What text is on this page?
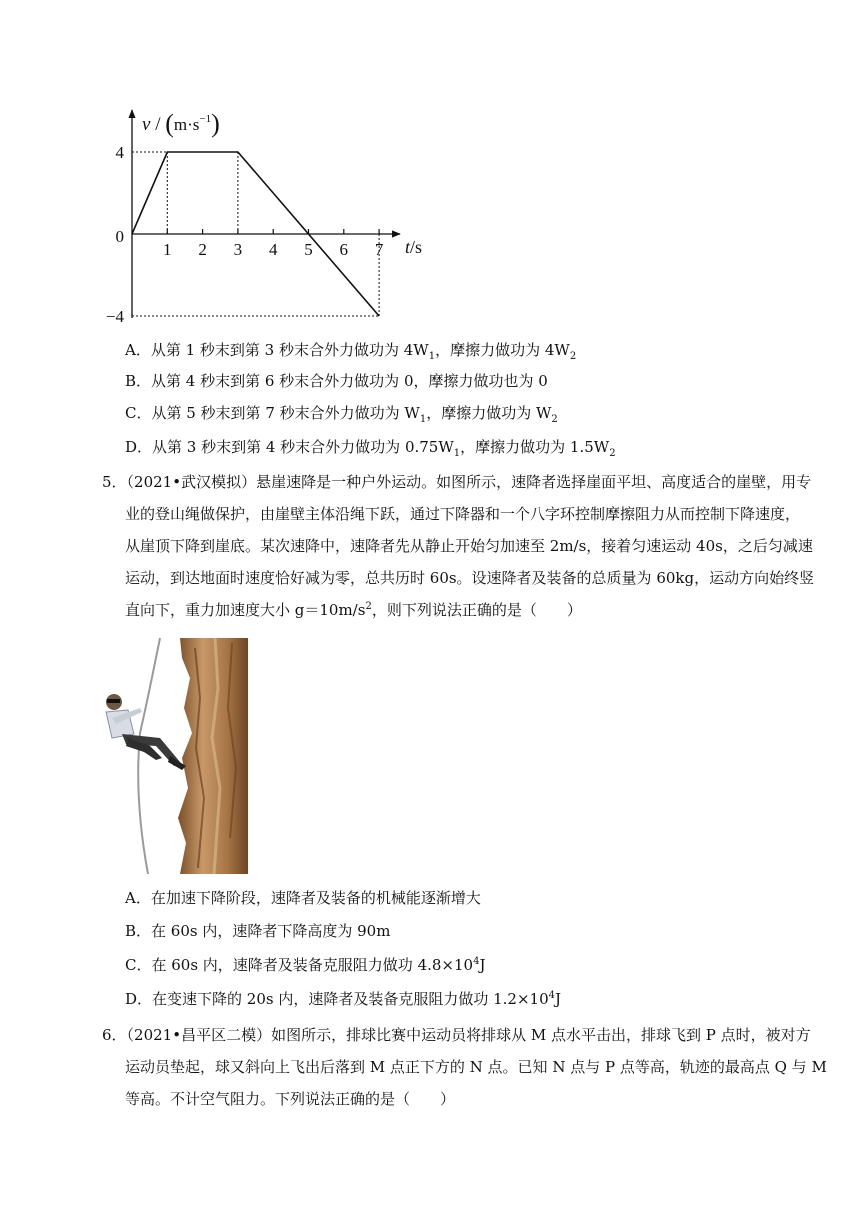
$v / (m\cdot s^{-1})$
t/s
1 2 3 4 5 6 7
4
0
−4
A．从第 1 秒末到第 3 秒末合外力做功为 $4W_1$，摩擦力做功为 $4W_2$
B．从第 4 秒末到第 6 秒末合外力做功为 0，摩擦力做功也为 0
C．从第 5 秒末到第 7 秒末合外力做功为 $W_1$，摩擦力做功为 $W_2$
D．从第 3 秒末到第 4 秒末合外力做功为 $0.75W_1$，摩擦力做功为 $1.5W_2$
5．（2021•武汉模拟）悬崖速降是一种户外运动。如图所示，速降者选择崖面平坦、高度适合的崖壁，用专
业的登山绳做保护，由崖壁主体沿绳下跃，通过下降器和一个八字环控制摩擦阻力从而控制下降速度，
从崖顶下降到崖底。某次速降中，速降者先从静止开始匀加速至 2m/s，接着匀速运动 40s，之后匀减速
运动，到达地面时速度恰好减为零，总共历时 60s。设速降者及装备的总质量为 60kg，运动方向始终竖
直向下，重力加速度大小 $g=10m/s^2$，则下列说法正确的是（　　）
A．在加速下降阶段，速降者及装备的机械能逐渐增大
B．在 60s 内，速降者下降高度为 90m
C．在 60s 内，速降者及装备克服阻力做功 $4.8\times 10^4J$
D．在变速下降的 20s 内，速降者及装备克服阻力做功 $1.2\times 10^4J$
6．（2021•昌平区二模）如图所示，排球比赛中运动员将排球从 M 点水平击出，排球飞到 P 点时，被对方
运动员垫起，球又斜向上飞出后落到 M 点正下方的 N 点。已知 N 点与 P 点等高，轨迹的最高点 Q 与 M
等高。不计空气阻力。下列说法正确的是（　　）
